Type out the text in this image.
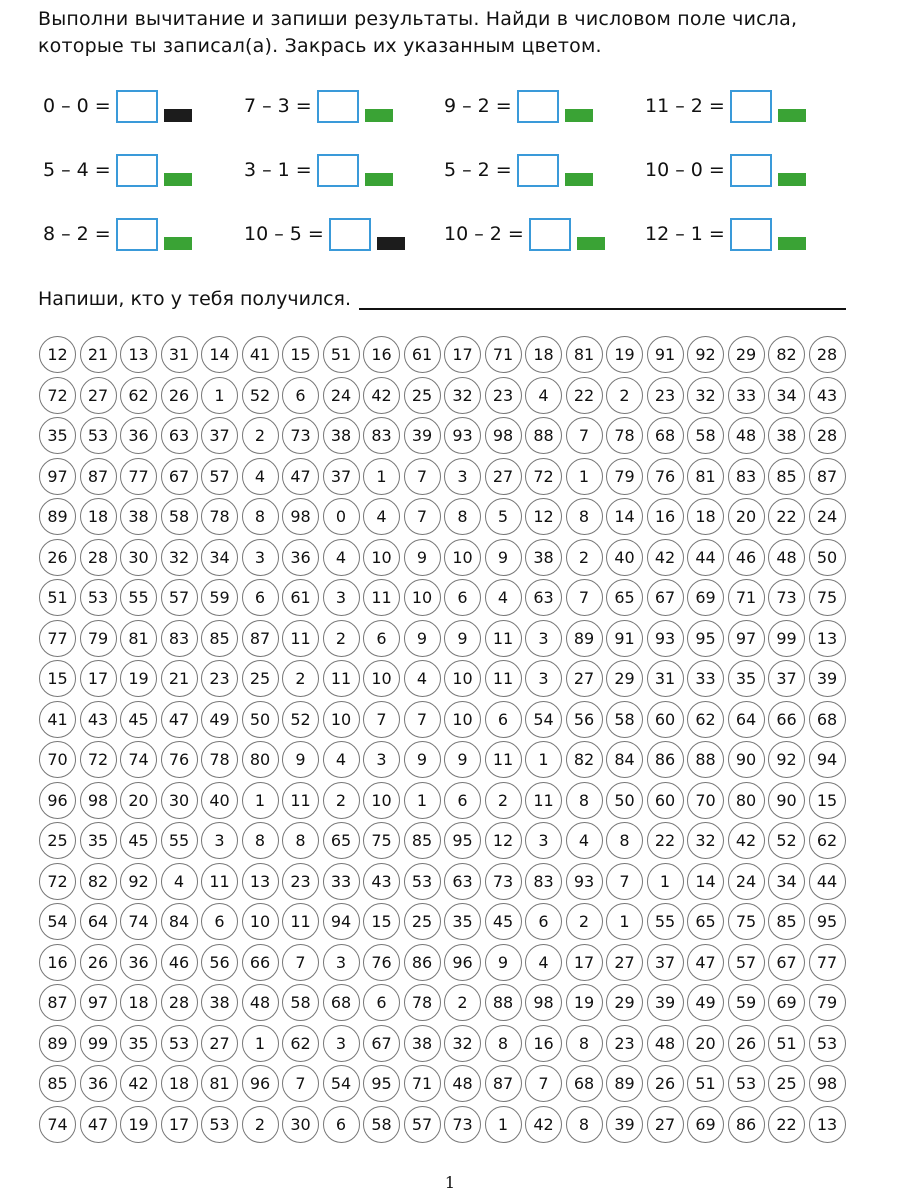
Выполни вычитание и запиши результаты. Найди в числовом поле числа,
которые ты записал(а). Закрась их указанным цветом.
0 – 0 =	7 – 3 =	9 – 2 =	11 – 2 =
5 – 4 =	3 – 1 =	5 – 2 =	10 – 0 =
8 – 2 =	10 – 5 =	10 – 2 =	12 – 1 =
Напиши, кто у тебя получился.
12	21	13	31	14	41	15	51	16	61	17	71	18	81	19	91	92	29	82	28
72	27	62	26	1	52	6	24	42	25	32	23	4	22	2	23	32	33	34	43
35	53	36	63	37	2	73	38	83	39	93	98	88	7	78	68	58	48	38	28
97	87	77	67	57	4	47	37	1	7	3	27	72	1	79	76	81	83	85	87
89	18	38	58	78	8	98	0	4	7	8	5	12	8	14	16	18	20	22	24
26	28	30	32	34	3	36	4	10	9	10	9	38	2	40	42	44	46	48	50
51	53	55	57	59	6	61	3	11	10	6	4	63	7	65	67	69	71	73	75
77	79	81	83	85	87	11	2	6	9	9	11	3	89	91	93	95	97	99	13
15	17	19	21	23	25	2	11	10	4	10	11	3	27	29	31	33	35	37	39
41	43	45	47	49	50	52	10	7	7	10	6	54	56	58	60	62	64	66	68
70	72	74	76	78	80	9	4	3	9	9	11	1	82	84	86	88	90	92	94
96	98	20	30	40	1	11	2	10	1	6	2	11	8	50	60	70	80	90	15
25	35	45	55	3	8	8	65	75	85	95	12	3	4	8	22	32	42	52	62
72	82	92	4	11	13	23	33	43	53	63	73	83	93	7	1	14	24	34	44
54	64	74	84	6	10	11	94	15	25	35	45	6	2	1	55	65	75	85	95
16	26	36	46	56	66	7	3	76	86	96	9	4	17	27	37	47	57	67	77
87	97	18	28	38	48	58	68	6	78	2	88	98	19	29	39	49	59	69	79
89	99	35	53	27	1	62	3	67	38	32	8	16	8	23	48	20	26	51	53
85	36	42	18	81	96	7	54	95	71	48	87	7	68	89	26	51	53	25	98
74	47	19	17	53	2	30	6	58	57	73	1	42	8	39	27	69	86	22	13
1
